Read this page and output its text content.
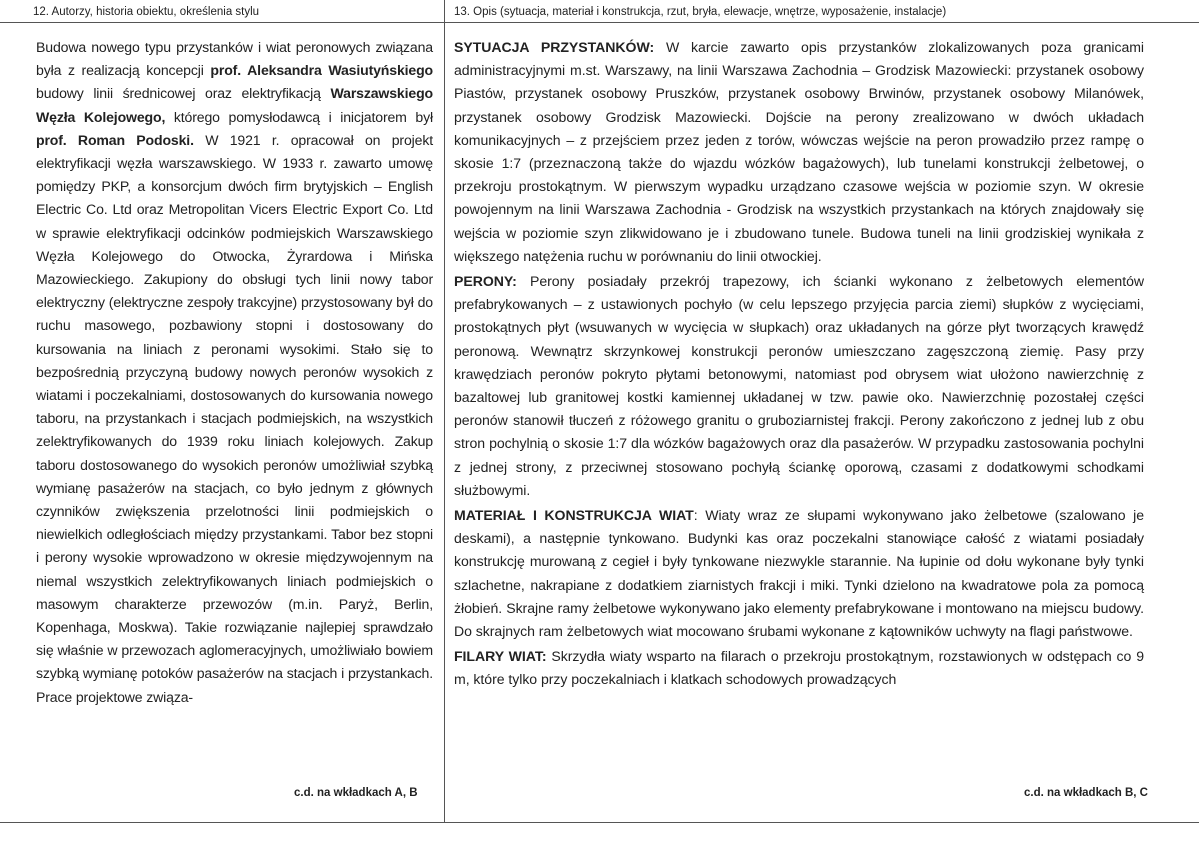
12. Autorzy, historia obiektu, określenia stylu	13. Opis (sytuacja, materiał i konstrukcja, rzut, bryła, elewacje, wnętrze, wyposażenie, instalacje)

Budowa nowego typu przystanków i wiat peronowych związana była z realizacją koncepcji prof. Aleksandra Wasiutyńskiego budowy linii średnicowej oraz elektryfikacją Warszawskiego Węzła Kolejowego, którego pomysłodawcą i inicjatorem był prof. Roman Podoski. W 1921 r. opracował on projekt elektryfikacji węzła warszawskiego. W 1933 r. zawarto umowę pomiędzy PKP, a konsorcjum dwóch firm brytyjskich – English Electric Co. Ltd oraz Metropolitan Vicers Electric Export Co. Ltd w sprawie elektryfikacji odcinków podmiejskich Warszawskiego Węzła Kolejowego do Otwocka, Żyrardowa i Mińska Mazowieckiego. Zakupiony do obsługi tych linii nowy tabor elektryczny (elektryczne zespoły trakcyjne) przystosowany był do ruchu masowego, pozbawiony stopni i dostosowany do kursowania na liniach z peronami wysokimi. Stało się to bezpośrednią przyczyną budowy nowych peronów wysokich z wiatami i poczekalniami, dostosowanych do kursowania nowego taboru, na przystankach i stacjach podmiejskich, na wszystkich zelektryfikowanych do 1939 roku liniach kolejowych. Zakup taboru dostosowanego do wysokich peronów umożliwiał szybką wymianę pasażerów na stacjach, co było jednym z głównych czynników zwiększenia przelotności linii podmiejskich o niewielkich odległościach między przystankami. Tabor bez stopni i perony wysokie wprowadzono w okresie międzywojennym na niemal wszystkich zelektryfikowanych liniach podmiejskich o masowym charakterze przewozów (m.in. Paryż, Berlin, Kopenhaga, Moskwa). Takie rozwiązanie najlepiej sprawdzało się właśnie w przewozach aglomeracyjnych, umożliwiało bowiem szybką wymianę potoków pasażerów na stacjach i przystankach. Prace projektowe związa-

SYTUACJA PRZYSTANKÓW: W karcie zawarto opis przystanków zlokalizowanych poza granicami administracyjnymi m.st. Warszawy, na linii Warszawa Zachodnia – Grodzisk Mazowiecki: przystanek osobowy Piastów, przystanek osobowy Pruszków, przystanek osobowy Brwinów, przystanek osobowy Milanówek, przystanek osobowy Grodzisk Mazowiecki. Dojście na perony zrealizowano w dwóch układach komunikacyjnych – z przejściem przez jeden z torów, wówczas wejście na peron prowadziło przez rampę o skosie 1:7 (przeznaczoną także do wjazdu wózków bagażowych), lub tunelami konstrukcji żelbetowej, o przekroju prostokątnym. W pierwszym wypadku urządzano czasowe wejścia w poziomie szyn. W okresie powojennym na linii Warszawa Zachodnia - Grodzisk na wszystkich przystankach na których znajdowały się wejścia w poziomie szyn zlikwidowano je i zbudowano tunele. Budowa tuneli na linii grodziskiej wynikała z większego natężenia ruchu w porównaniu do linii otwockiej.

PERONY: Perony posiadały przekrój trapezowy, ich ścianki wykonano z żelbetowych elementów prefabrykowanych – z ustawionych pochyło (w celu lepszego przyjęcia parcia ziemi) słupków z wycięciami, prostokątnych płyt (wsuwanych w wycięcia w słupkach) oraz układanych na górze płyt tworzących krawędź peronową. Wewnątrz skrzynkowej konstrukcji peronów umieszczano zagęszczoną ziemię. Pasy przy krawędziach peronów pokryto płytami betonowymi, natomiast pod obrysem wiat ułożono nawierzchnię z bazaltowej lub granitowej kostki kamiennej układanej w tzw. pawie oko. Nawierzchnię pozostałej części peronów stanowił tłuczeń z różowego granitu o gruboziarnistej frakcji. Perony zakończono z jednej lub z obu stron pochylnią o skosie 1:7 dla wózków bagażowych oraz dla pasażerów. W przypadku zastosowania pochylni z jednej strony, z przeciwnej stosowano pochyłą ściankę oporową, czasami z dodatkowymi schodkami służbowymi.

MATERIAŁ I KONSTRUKCJA WIAT: Wiaty wraz ze słupami wykonywano jako żelbetowe (szalowano je deskami), a następnie tynkowano. Budynki kas oraz poczekalni stanowiące całość z wiatami posiadały konstrukcję murowaną z cegieł i były tynkowane niezwykle starannie. Na łupinie od dołu wykonane były tynki szlachetne, nakrapiane z dodatkiem ziarnistych frakcji i miki. Tynki dzielono na kwadratowe pola za pomocą żłobień. Skrajne ramy żelbetowe wykonywano jako elementy prefabrykowane i montowano na miejscu budowy. Do skrajnych ram żelbetowych wiat mocowano śrubami wykonane z kątowników uchwyty na flagi państwowe.

FILARY WIAT: Skrzydła wiaty wsparto na filarach o przekroju prostokątnym, rozstawionych w odstępach co 9 m, które tylko przy poczekalniach i klatkach schodowych prowadzących

c.d. na wkładkach A, B	c.d. na wkładkach B, C
